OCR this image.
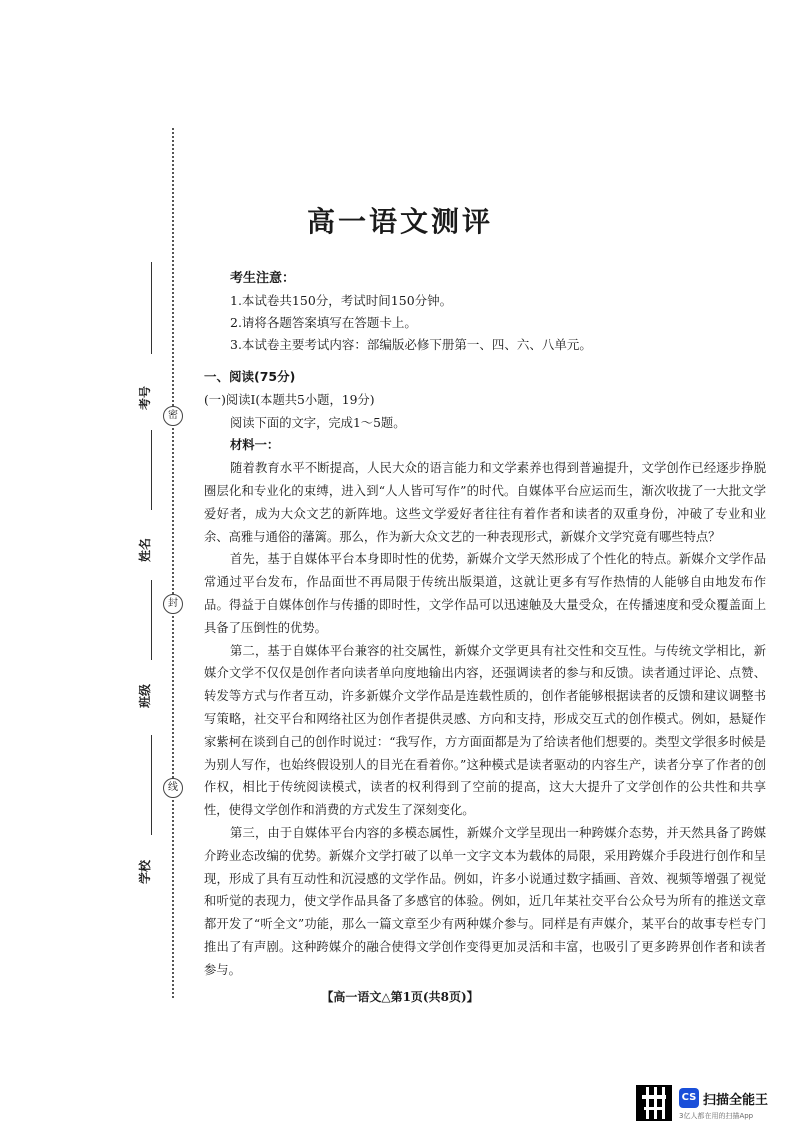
考号
密
姓名
封
班级
线
学校
高一语文测评
考生注意：
1.本试卷共150分，考试时间150分钟。
2.请将各题答案填写在答题卡上。
3.本试卷主要考试内容：部编版必修下册第一、四、六、八单元。
一、阅读(75分)
(一)阅读Ⅰ(本题共5小题，19分)
阅读下面的文字，完成1～5题。
材料一：

随着教育水平不断提高，人民大众的语言能力和文学素养也得到普遍提升，文学创作已经逐步挣脱圈层化和专业化的束缚，进入到“人人皆可写作”的时代。自媒体平台应运而生，渐次收拢了一大批文学爱好者，成为大众文艺的新阵地。这些文学爱好者往往有着作者和读者的双重身份，冲破了专业和业余、高雅与通俗的藩篱。那么，作为新大众文艺的一种表现形式，新媒介文学究竟有哪些特点？

首先，基于自媒体平台本身即时性的优势，新媒介文学天然形成了个性化的特点。新媒介文学作品常通过平台发布，作品面世不再局限于传统出版渠道，这就让更多有写作热情的人能够自由地发布作品。得益于自媒体创作与传播的即时性，文学作品可以迅速触及大量受众，在传播速度和受众覆盖面上具备了压倒性的优势。

第二，基于自媒体平台兼容的社交属性，新媒介文学更具有社交性和交互性。与传统文学相比，新媒介文学不仅仅是创作者向读者单向度地输出内容，还强调读者的参与和反馈。读者通过评论、点赞、转发等方式与作者互动，许多新媒介文学作品是连载性质的，创作者能够根据读者的反馈和建议调整书写策略，社交平台和网络社区为创作者提供灵感、方向和支持，形成交互式的创作模式。例如，悬疑作家紫柯在谈到自己的创作时说过：“我写作，方方面面都是为了给读者他们想要的。类型文学很多时候是为别人写作，也始终假设别人的目光在看着你。”这种模式是读者驱动的内容生产，读者分享了作者的创作权，相比于传统阅读模式，读者的权利得到了空前的提高，这大大提升了文学创作的公共性和共享性，使得文学创作和消费的方式发生了深刻变化。

第三，由于自媒体平台内容的多模态属性，新媒介文学呈现出一种跨媒介态势，并天然具备了跨媒介跨业态改编的优势。新媒介文学打破了以单一文字文本为载体的局限，采用跨媒介手段进行创作和呈现，形成了具有互动性和沉浸感的文学作品。例如，许多小说通过数字插画、音效、视频等增强了视觉和听觉的表现力，使文学作品具备了多感官的体验。例如，近几年某社交平台公众号为所有的推送文章都开发了“听全文”功能，那么一篇文章至少有两种媒介参与。同样是有声媒介，某平台的故事专栏专门推出了有声剧。这种跨媒介的融合使得文学创作变得更加灵活和丰富，也吸引了更多跨界创作者和读者参与。

【高一语文△第1页(共8页)】
CS 扫描全能王
3亿人都在用的扫描App
